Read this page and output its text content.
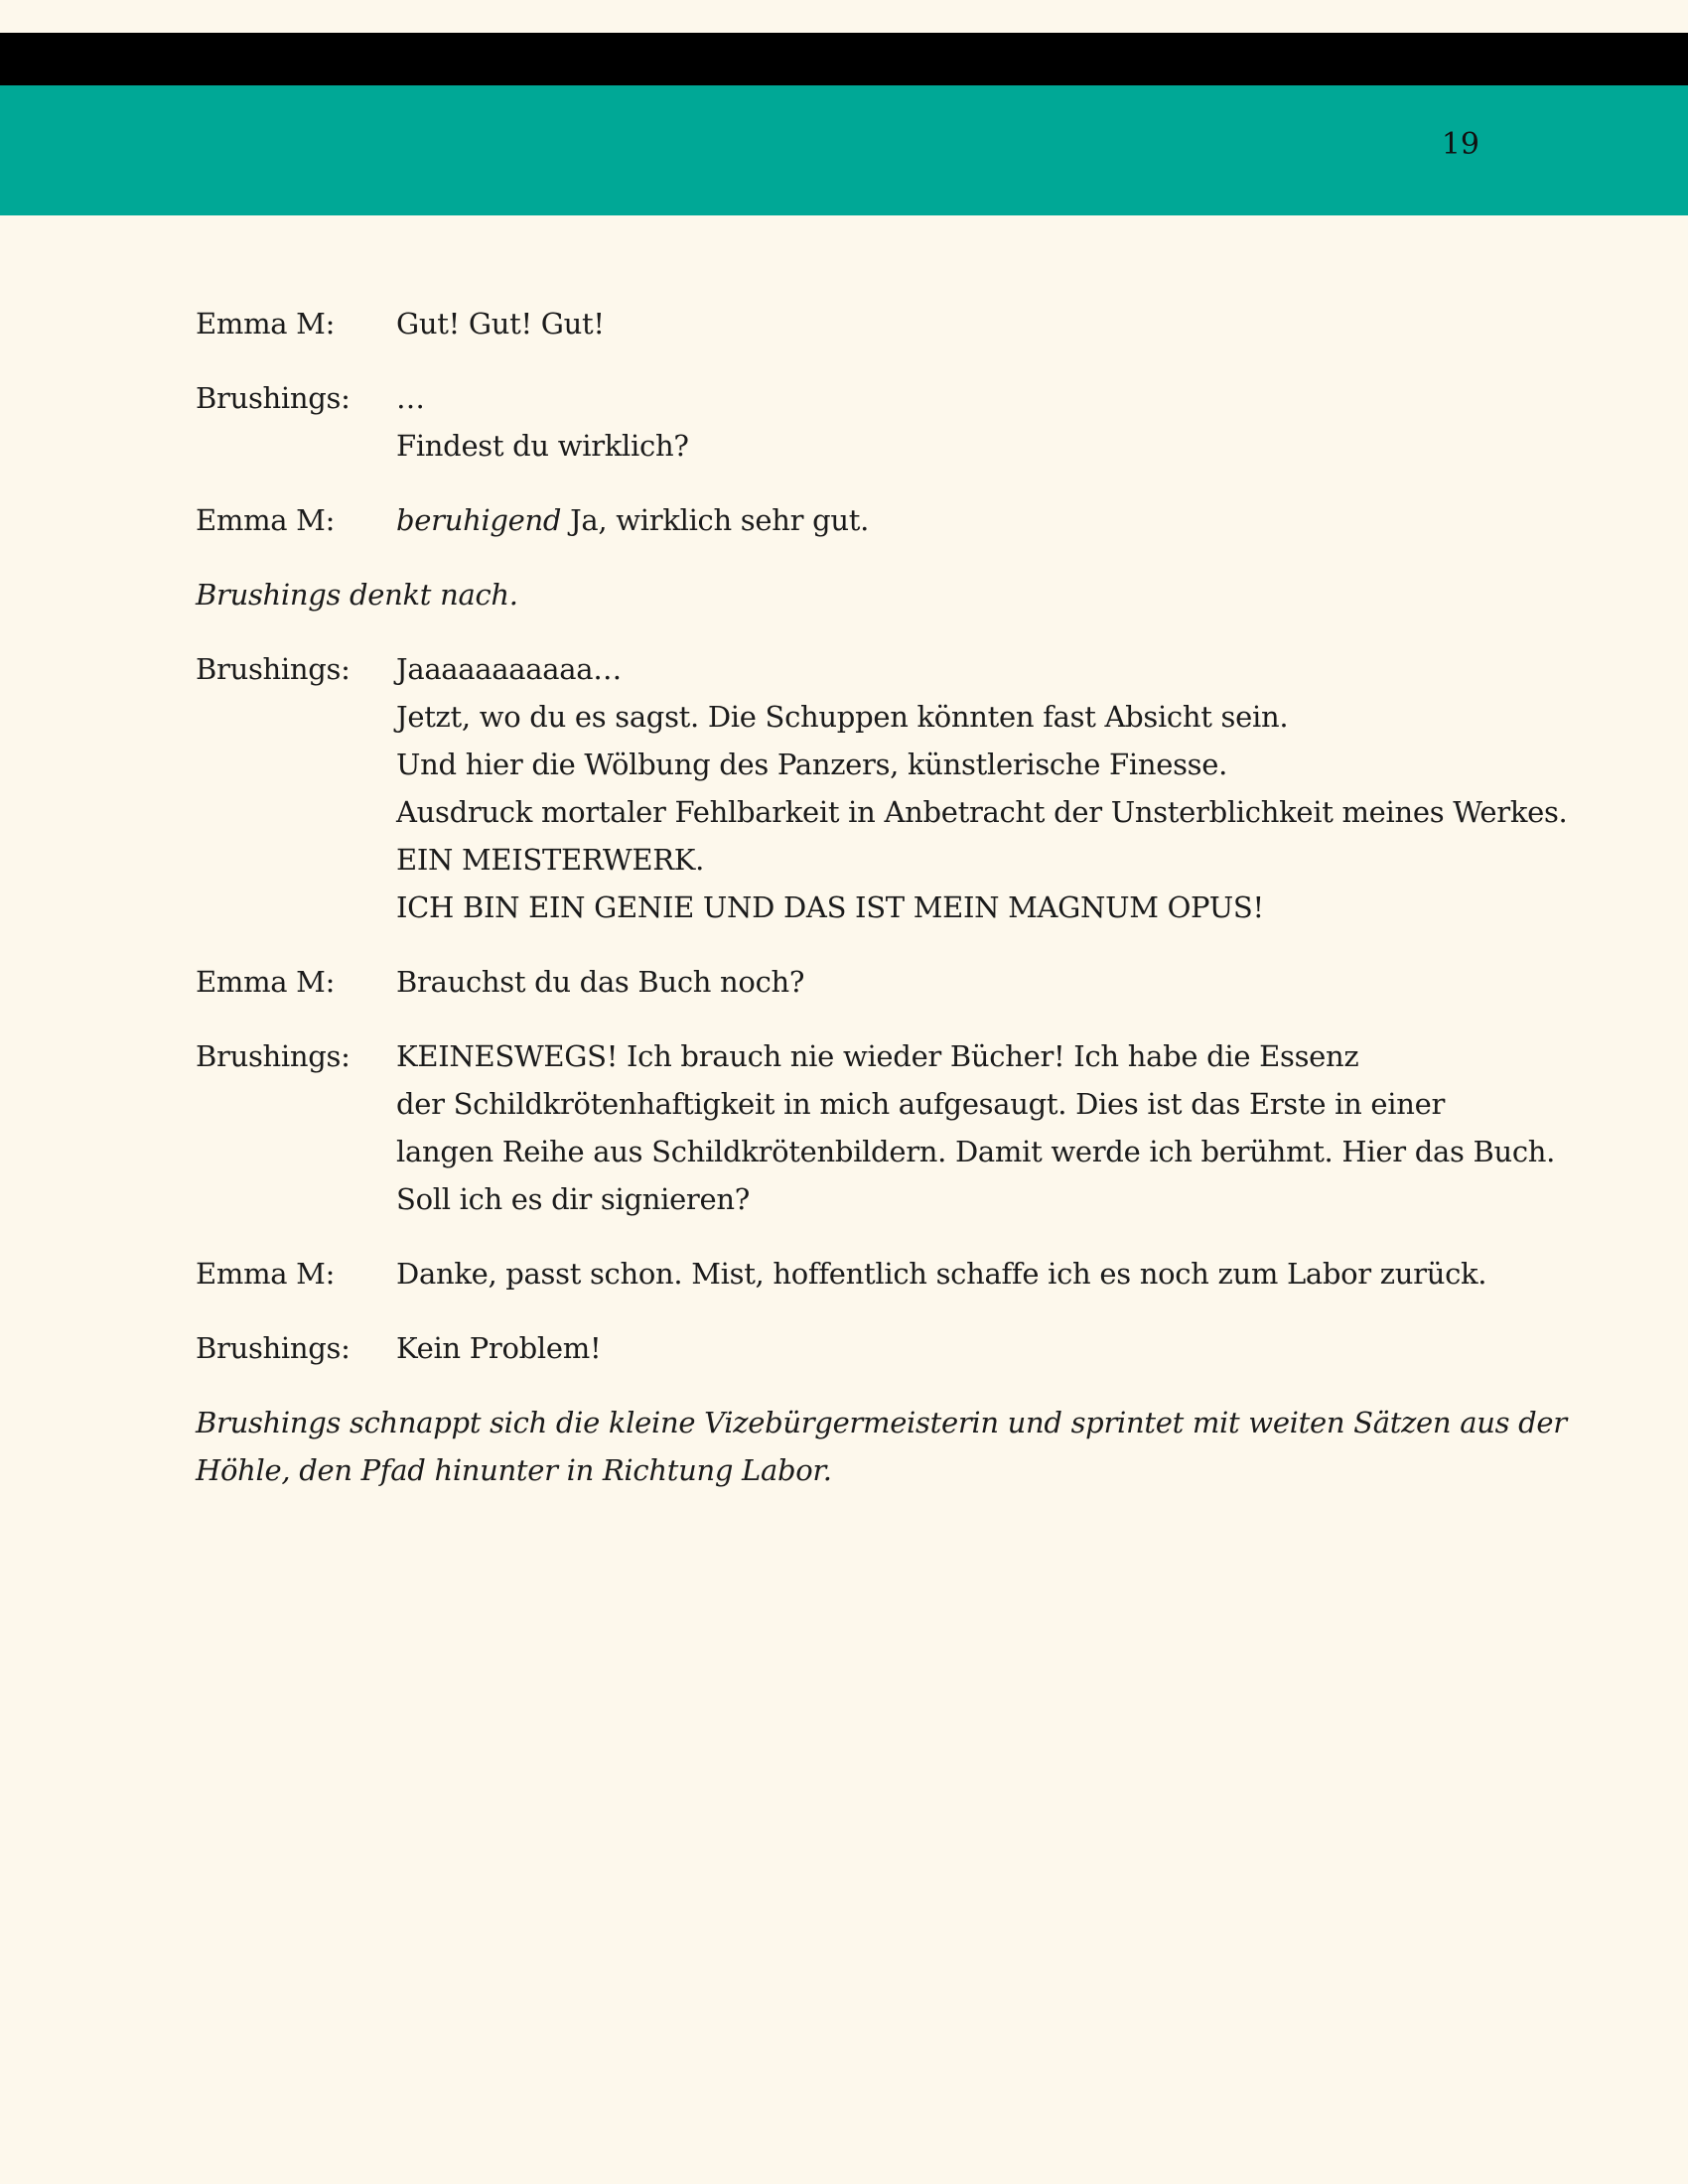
19
Emma M:	Gut! Gut! Gut!
Brushings:	…
Findest du wirklich?
Emma M:	beruhigend Ja, wirklich sehr gut.
Brushings denkt nach.
Brushings:	Jaaaaaaaaaaa…
Jetzt, wo du es sagst. Die Schuppen könnten fast Absicht sein.
Und hier die Wölbung des Panzers, künstlerische Finesse.
Ausdruck mortaler Fehlbarkeit in Anbetracht der Unsterblichkeit meines Werkes.
EIN MEISTERWERK.
ICH BIN EIN GENIE UND DAS IST MEIN MAGNUM OPUS!
Emma M:	Brauchst du das Buch noch?
Brushings:	KEINESWEGS! Ich brauch nie wieder Bücher! Ich habe die Essenz
der Schildkrötenhaftigkeit in mich aufgesaugt. Dies ist das Erste in einer
langen Reihe aus Schildkrötenbildern. Damit werde ich berühmt. Hier das Buch.
Soll ich es dir signieren?
Emma M:	Danke, passt schon. Mist, hoffentlich schaffe ich es noch zum Labor zurück.
Brushings:	Kein Problem!
Brushings schnappt sich die kleine Vizebürgermeisterin und sprintet mit weiten Sätzen aus der
Höhle, den Pfad hinunter in Richtung Labor.
